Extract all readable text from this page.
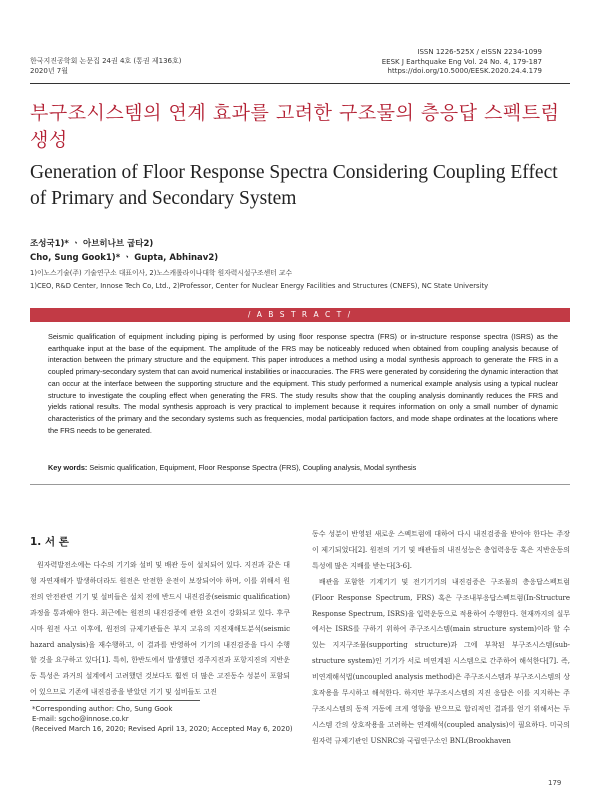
한국지진공학회 논문집 24권 4호 (통권 제136호)
2020년 7월
ISSN 1226-525X / eISSN 2234-1099
EESK J Earthquake Eng Vol. 24 No. 4, 179-187
https://doi.org/10.5000/EESK.2020.24.4.179
부구조시스템의 연계 효과를 고려한 구조물의 층응답 스펙트럼 생성
Generation of Floor Response Spectra Considering Coupling Effect of Primary and Secondary System
조성국1)* ㆍ 아브히나브 굽타2)
Cho, Sung Gook1)* ㆍ Gupta, Abhinav2)
1)이노스기술(주) 기술연구소 대표이사, 2)노스캐롤라이나대학 원자력시설구조센터 교수
1)CEO, R&D Center, Innose Tech Co, Ltd., 2)Professor, Center for Nuclear Energy Facilities and Structures (CNEFS), NC State University
/ A B S T R A C T /
Seismic qualification of equipment including piping is performed by using floor response spectra (FRS) or in-structure response spectra (ISRS) as the earthquake input at the base of the equipment. The amplitude of the FRS may be noticeably reduced when obtained from coupling analysis because of interaction between the primary structure and the equipment. This paper introduces a method using a modal synthesis approach to generate the FRS in a coupled primary-secondary system that can avoid numerical instabilities or inaccuracies. The FRS were generated by considering the dynamic interaction that can occur at the interface between the supporting structure and the equipment. This study performed a numerical example analysis using a typical nuclear structure to investigate the coupling effect when generating the FRS. The study results show that the coupling analysis dominantly reduces the FRS and yields rational results. The modal synthesis approach is very practical to implement because it requires information on only a small number of dynamic characteristics of the primary and the secondary systems such as frequencies, modal participation factors, and mode shape ordinates at the locations where the FRS needs to be generated.
Key words: Seismic qualification, Equipment, Floor Response Spectra (FRS), Coupling analysis, Modal synthesis
1. 서 론

원자력발전소에는 다수의 기기와 설비 및 배관 등이 설치되어 있다. 지진과 같은 대형 자연재해가 발생하더라도 원전은 안전한 운전이 보장되어야 하며, 이를 위해서 원전의 안전관련 기기 및 설비들은 설치 전에 반드시 내진검증(seismic qualification) 과정을 통과해야 한다. 최근에는 원전의 내진검증에 관한 요건이 강화되고 있다. 후쿠시마 원전 사고 이후에, 원전의 규제기관들은 부지 고유의 지진재해도분석(seismic hazard analysis)을 재수행하고, 이 결과를 반영하여 기기의 내진검증을 다시 수행할 것을 요구하고 있다[1]. 특히, 한반도에서 발생했던 경주지진과 포항지진의 지반운동 특성은 과거의 설계에서 고려했던 것보다도 훨씬 더 많은 고진동수 성분이 포함되어 있으므로 기존에 내진검증을 받았던 기기 및 설비들도 고진

동수 성분이 반영된 새로운 스펙트럼에 대하여 다시 내진검증을 받아야 한다는 주장이 제기되었다[2]. 원전의 기기 및 배관들의 내진성능은 층업력응동 혹은 지반운동의 특성에 많은 지배를 받는다[3-6].

배관을 포함한 기계기기 및 전기기기의 내진검증은 구조물의 층응답스펙트럼(Floor Response Spectrum, FRS) 혹은 구조내부응답스펙트럼(In-Structure Response Spectrum, ISRS)을 입력운동으로 적용하여 수행한다. 현재까지의 실무에서는 ISRS를 구하기 위하여 주구조시스템(main structure system)이라 할 수 있는 지지구조물(supporting structure)과 그에 부착된 부구조시스템(sub-structure system)인 기기가 서로 비연계된 시스템으로 간주하여 해석한다[7]. 즉, 비연계해석법(uncoupled analysis method)은 주구조시스템과 부구조시스템의 상호작용을 무시하고 해석한다. 하지만 부구조시스템의 지진 응답은 이를 지지하는 주구조시스템의 동적 거동에 크게 영향을 받으므로 합리적인 결과를 얻기 위해서는 두 시스템 간의 상호작용을 고려하는 연계해석(coupled analysis)이 필요하다. 미국의 원자력 규제기관인 USNRC와 국립연구소인 BNL(Brookhaven

*Corresponding author: Cho, Sung Gook
E-mail: sgcho@innose.co.kr
(Received March 16, 2020; Revised April 13, 2020; Accepted May 6, 2020)
179
